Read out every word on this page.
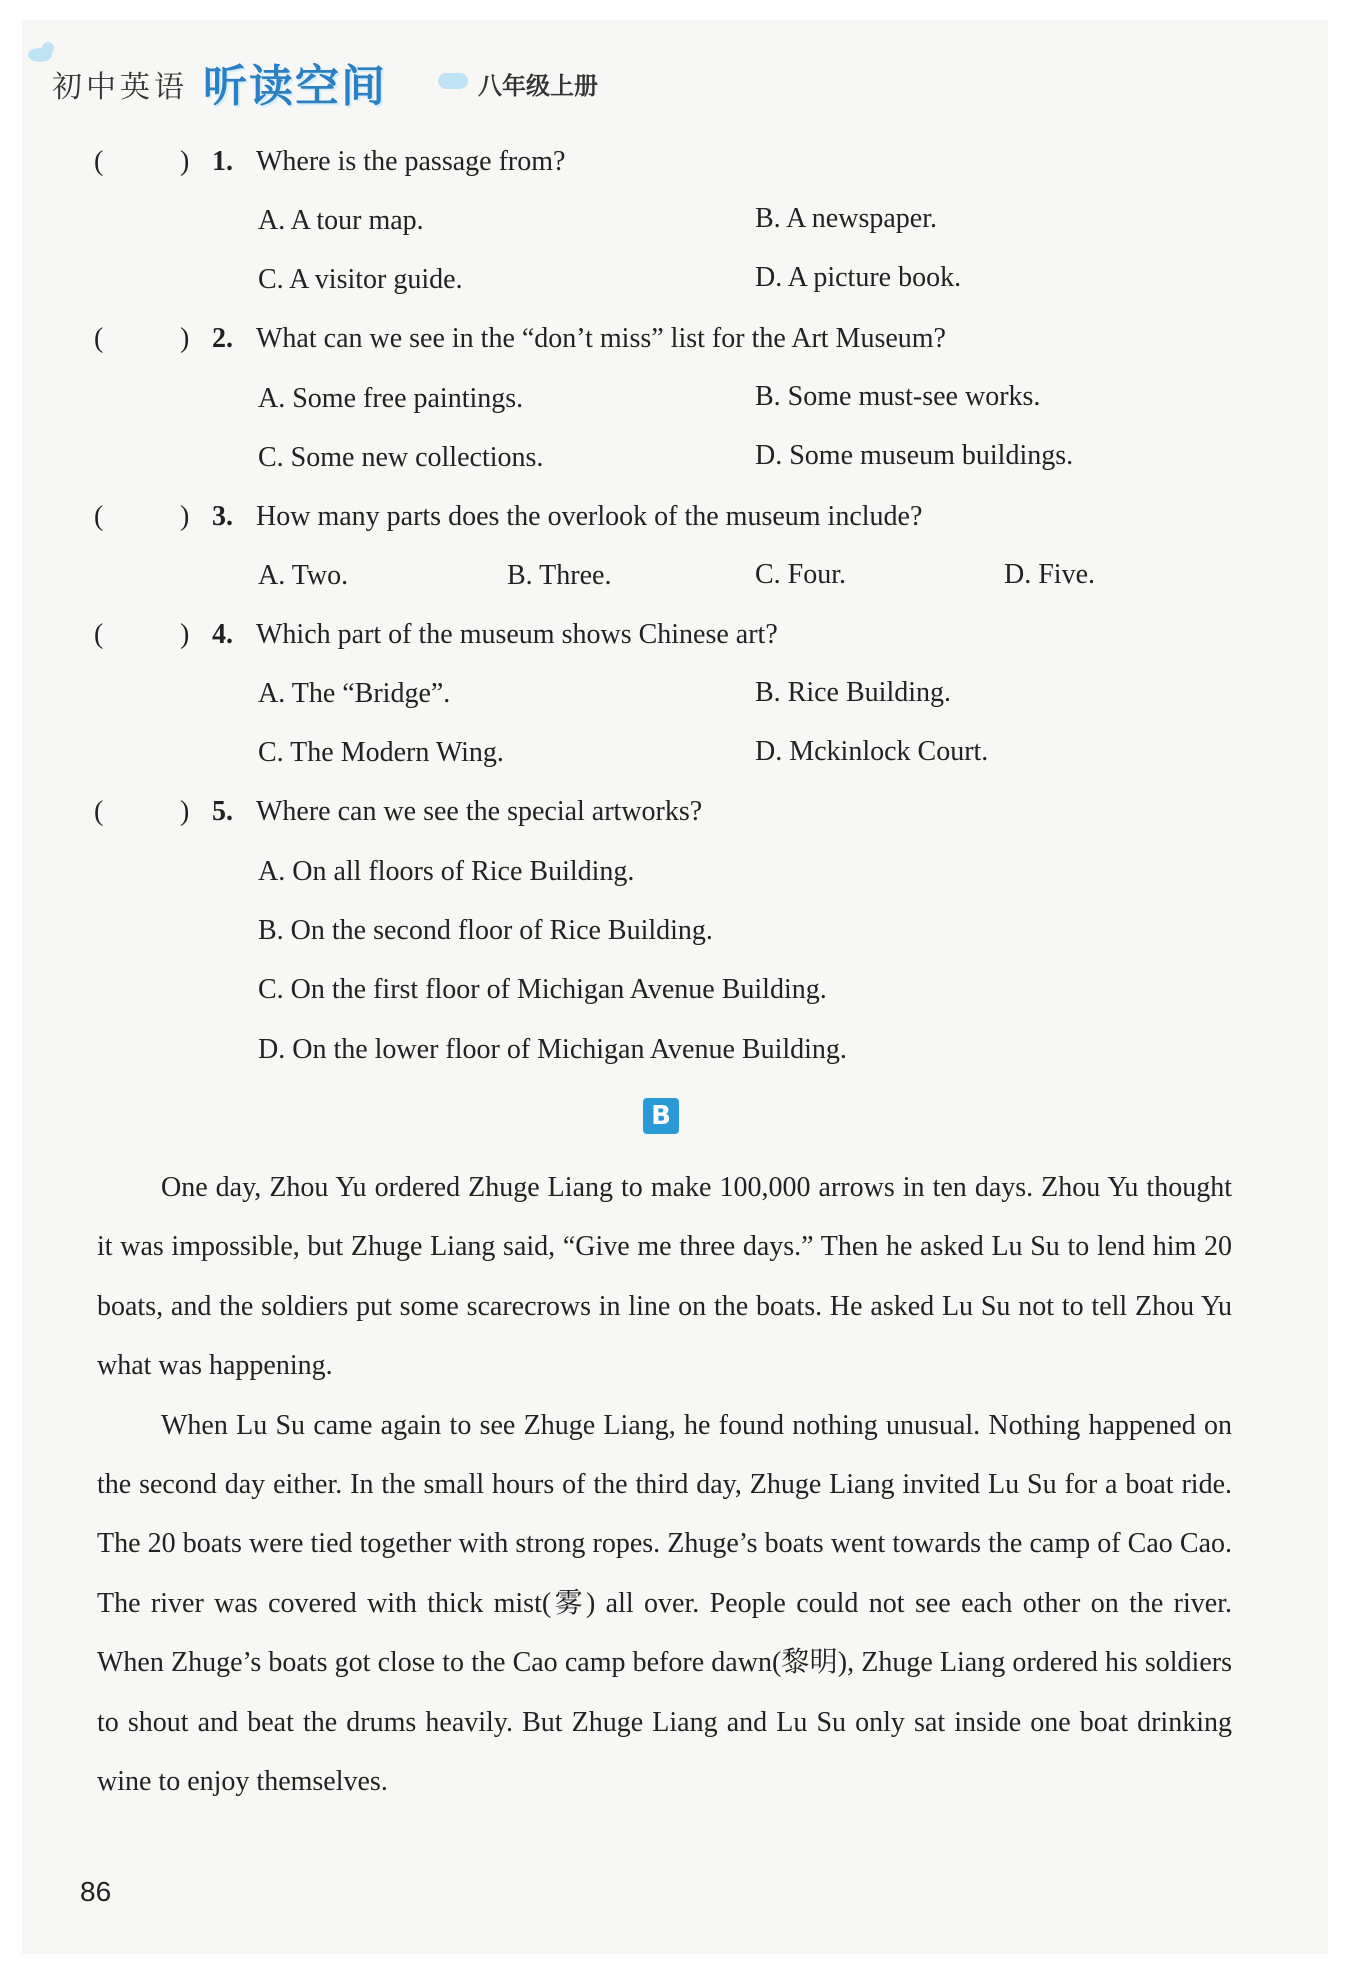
初中英语 听读空间	八年级上册
(	) 1. Where is the passage from?
A. A tour map.	B. A newspaper.
C. A visitor guide.	D. A picture book.
(	) 2. What can we see in the “don’t miss” list for the Art Museum?
A. Some free paintings.	B. Some must-see works.
C. Some new collections.	D. Some museum buildings.
(	) 3. How many parts does the overlook of the museum include?
A. Two.	B. Three.	C. Four.	D. Five.
(	) 4. Which part of the museum shows Chinese art?
A. The “Bridge”.	B. Rice Building.
C. The Modern Wing.	D. Mckinlock Court.
(	) 5. Where can we see the special artworks?
A. On all floors of Rice Building.
B. On the second floor of Rice Building.
C. On the first floor of Michigan Avenue Building.
D. On the lower floor of Michigan Avenue Building.
B

One day, Zhou Yu ordered Zhuge Liang to make 100,000 arrows in ten days. Zhou Yu thought it was impossible, but Zhuge Liang said, “Give me three days.” Then he asked Lu Su to lend him 20 boats, and the soldiers put some scarecrows in line on the boats. He asked Lu Su not to tell Zhou Yu what was happening.

When Lu Su came again to see Zhuge Liang, he found nothing unusual. Nothing happened on the second day either. In the small hours of the third day, Zhuge Liang invited Lu Su for a boat ride. The 20 boats were tied together with strong ropes. Zhuge’s boats went towards the camp of Cao Cao. The river was covered with thick mist(雾) all over. People could not see each other on the river. When Zhuge’s boats got close to the Cao camp before dawn(黎明), Zhuge Liang ordered his soldiers to shout and beat the drums heavily. But Zhuge Liang and Lu Su only sat inside one boat drinking wine to enjoy themselves.

86
